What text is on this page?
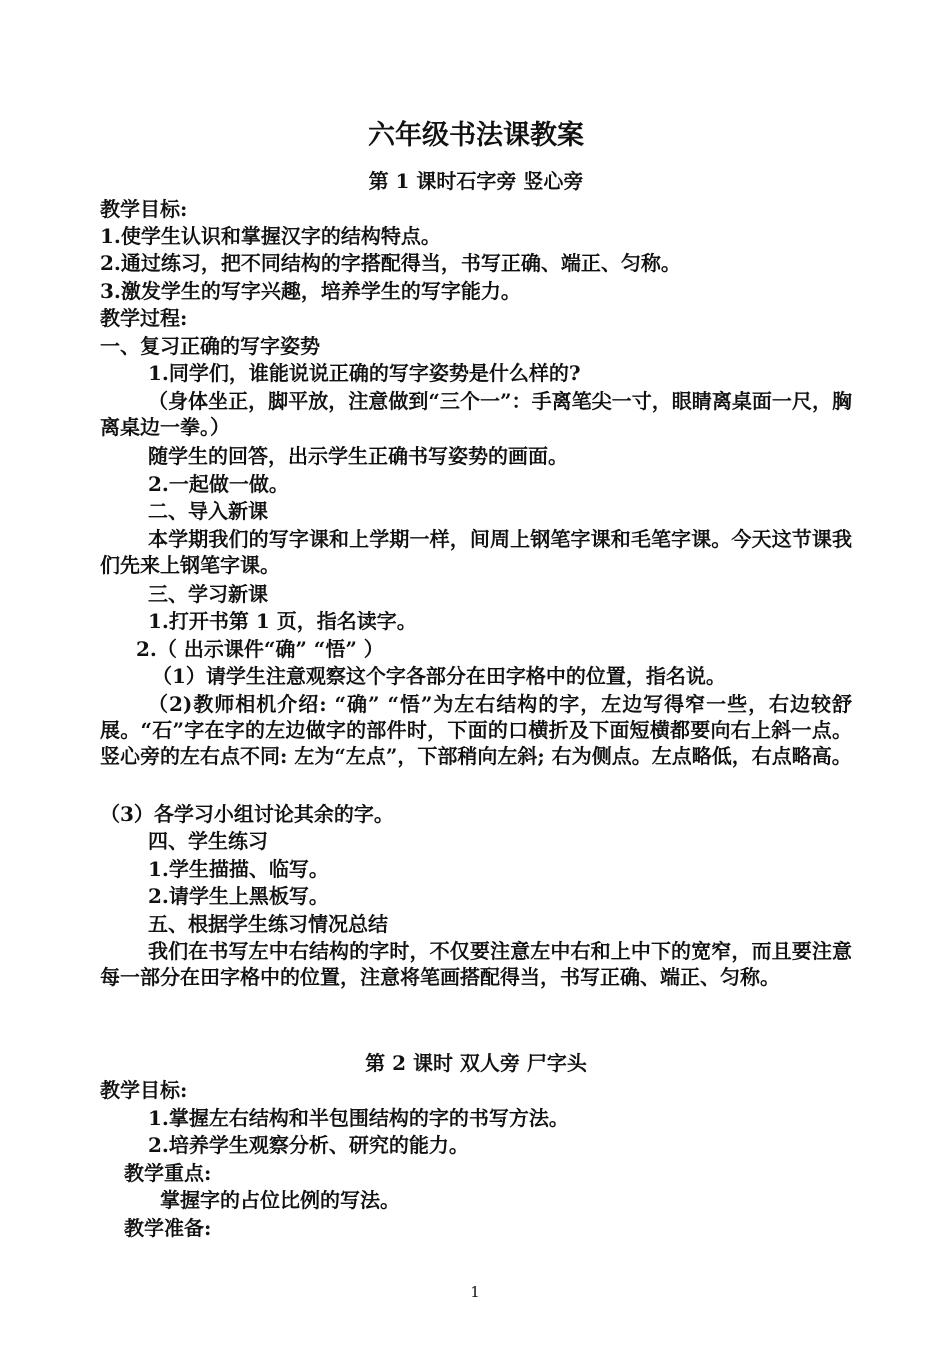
六年级书法课教案
第 1 课时石字旁 竖心旁
教学目标:
1.使学生认识和掌握汉字的结构特点。
2.通过练习，把不同结构的字搭配得当，书写正确、端正、匀称。
3.激发学生的写字兴趣，培养学生的写字能力。
教学过程:
一、复习正确的写字姿势
1.同学们，谁能说说正确的写字姿势是什么样的?
（身体坐正，脚平放，注意做到“三个一”：手离笔尖一寸，眼睛离桌面一尺，胸离桌边一拳。）
随学生的回答，出示学生正确书写姿势的画面。
2.一起做一做。
二、导入新课
本学期我们的写字课和上学期一样，间周上钢笔字课和毛笔字课。今天这节课我们先来上钢笔字课。
三、学习新课
1.打开书第 1 页，指名读字。
2.（ 出示课件“确” “悟” ）
（1）请学生注意观察这个字各部分在田字格中的位置，指名说。
（2)教师相机介绍: “确” “悟”为左右结构的字，左边写得窄一些，右边较舒展。“石”字在字的左边做字的部件时，下面的口横折及下面短横都要向右上斜一点。竖心旁的左右点不同: 左为“左点”，下部稍向左斜; 右为侧点。左点略低，右点略高。
（3）各学习小组讨论其余的字。
四、学生练习
1.学生描描、临写。
2.请学生上黑板写。
五、根据学生练习情况总结
我们在书写左中右结构的字时，不仅要注意左中右和上中下的宽窄，而且要注意每一部分在田字格中的位置，注意将笔画搭配得当，书写正确、端正、匀称。
第 2 课时 双人旁 尸字头
教学目标:
1.掌握左右结构和半包围结构的字的书写方法。
2.培养学生观察分析、研究的能力。
教学重点:
掌握字的占位比例的写法。
教学准备:
1
